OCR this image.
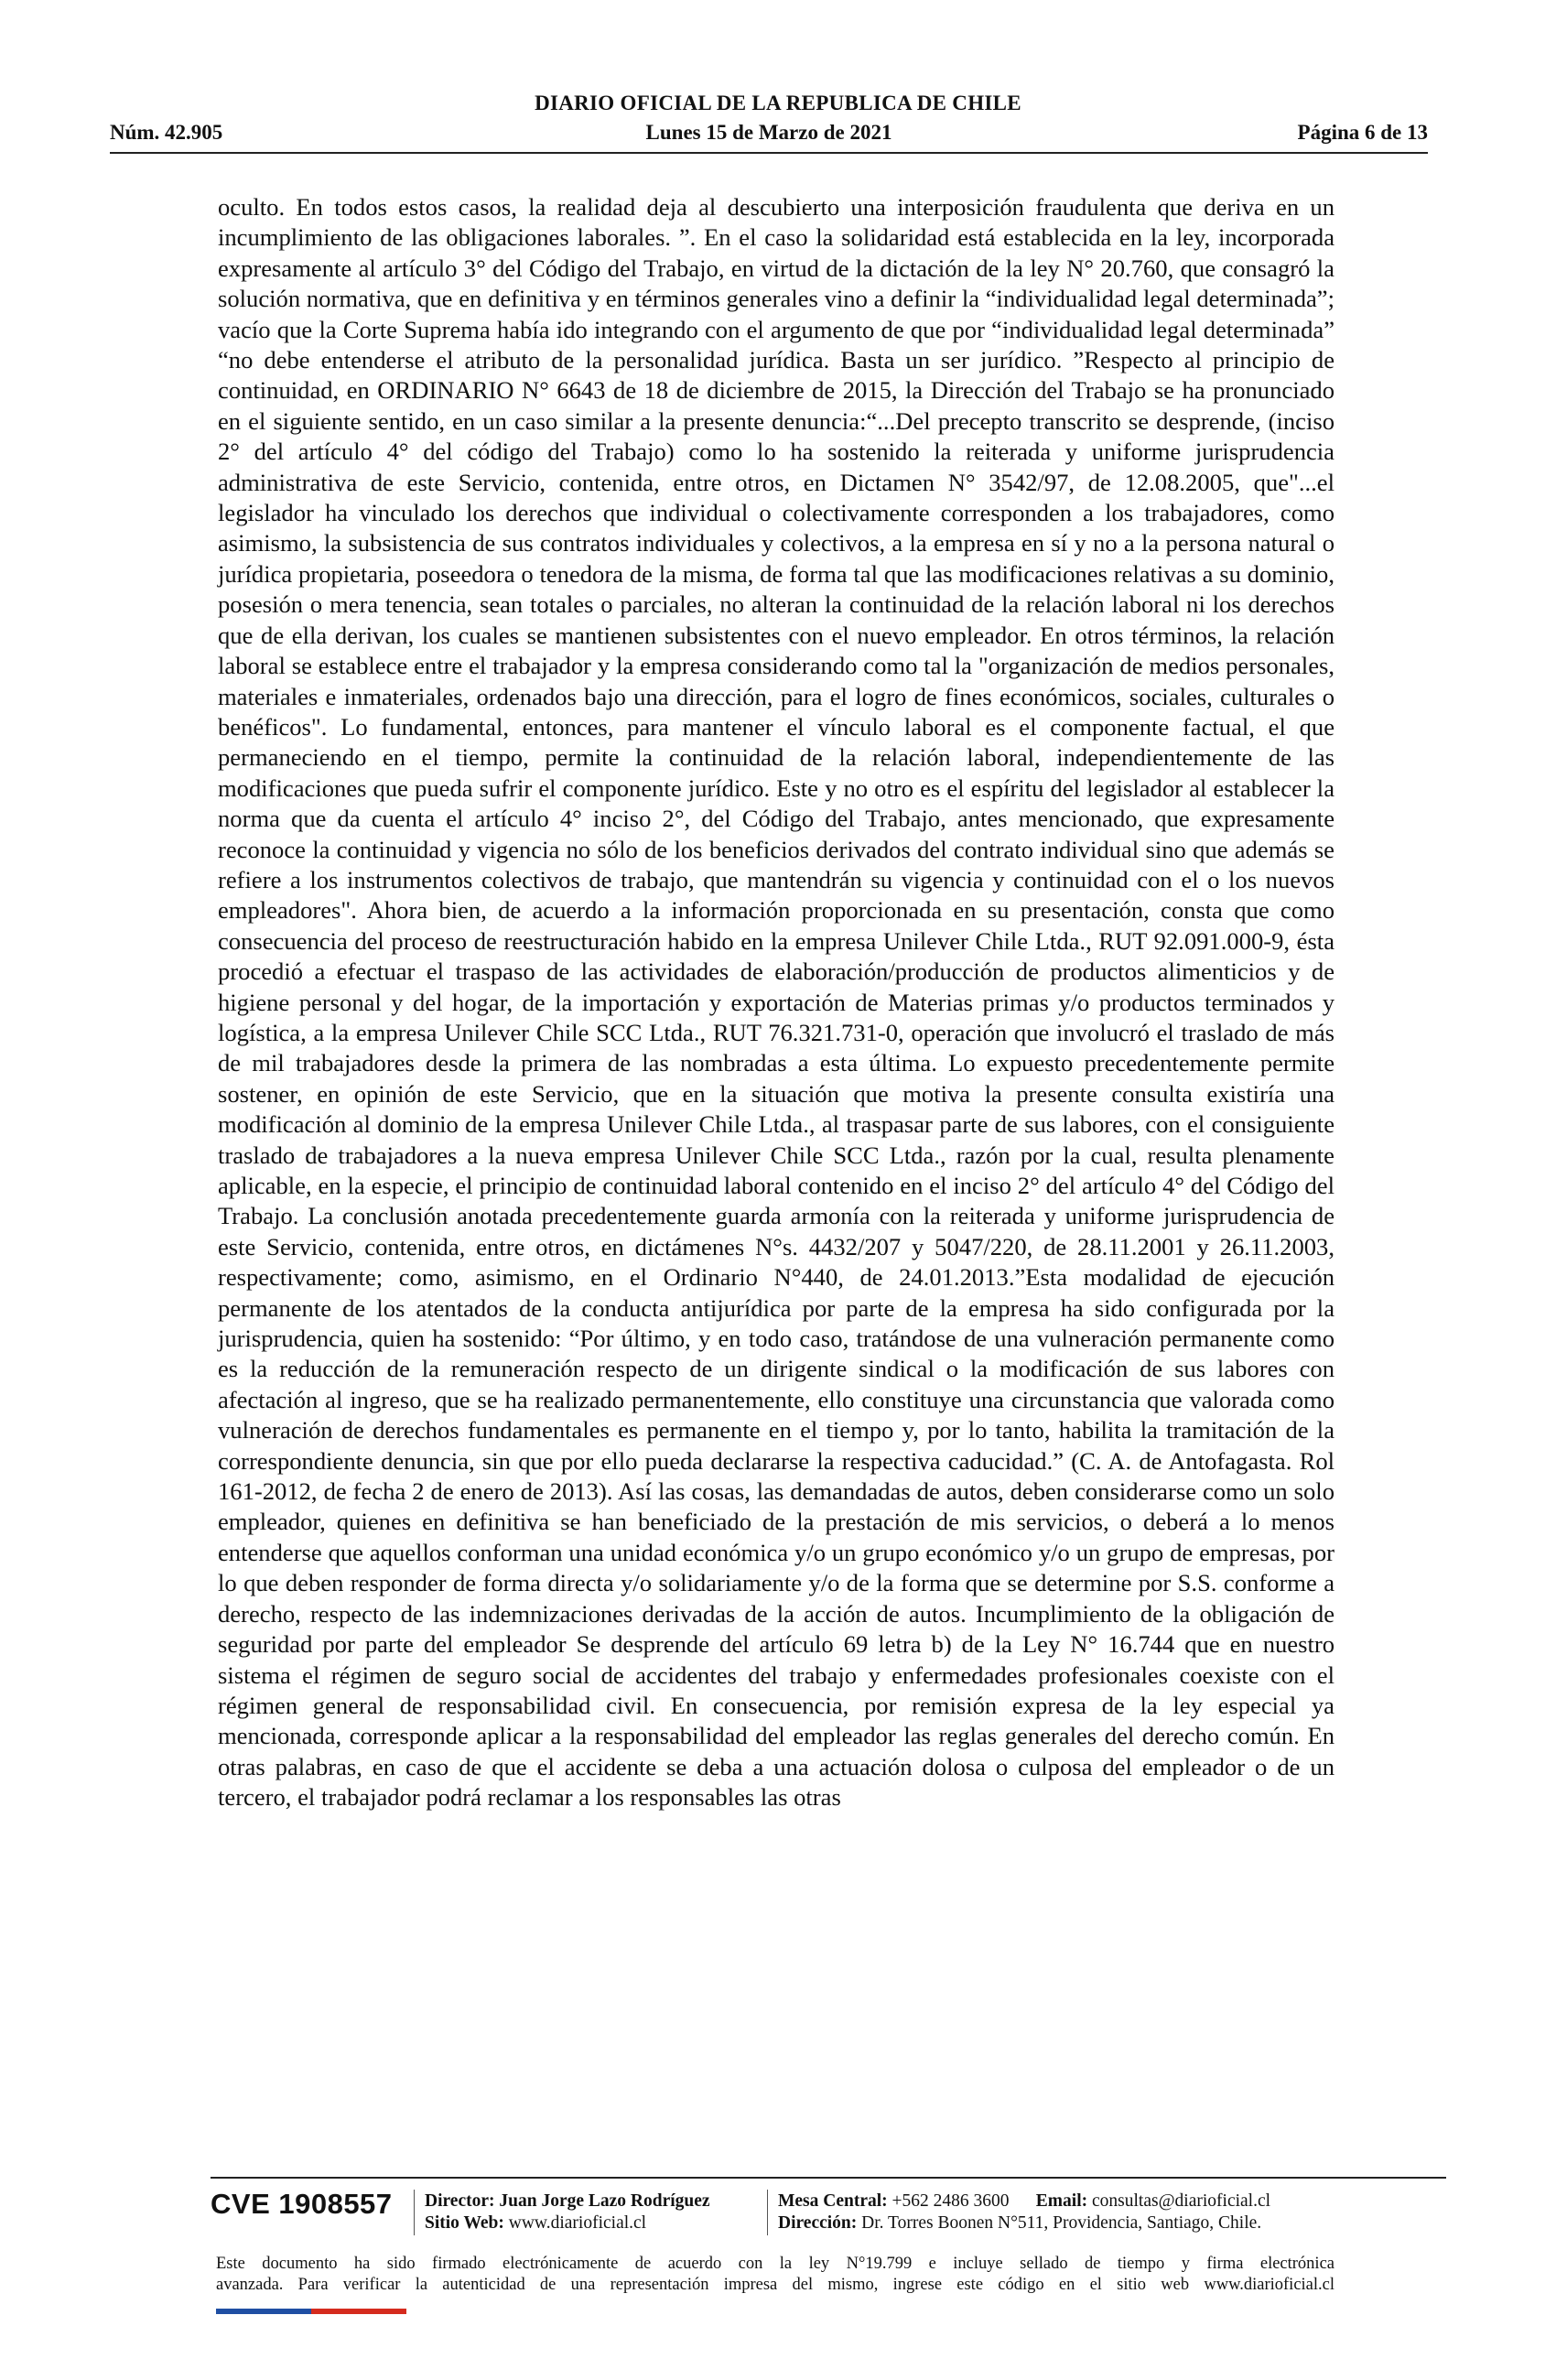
DIARIO OFICIAL DE LA REPUBLICA DE CHILE
Núm. 42.905	Lunes 15 de Marzo de 2021	Página 6 de 13

oculto. En todos estos casos, la realidad deja al descubierto una interposición fraudulenta que deriva en un incumplimiento de las obligaciones laborales. ”. En el caso la solidaridad está establecida en la ley, incorporada expresamente al artículo 3° del Código del Trabajo, en virtud de la dictación de la ley N° 20.760, que consagró la solución normativa, que en definitiva y en términos generales vino a definir la “individualidad legal determinada”; vacío que la Corte Suprema había ido integrando con el argumento de que por “individualidad legal determinada” “no debe entenderse el atributo de la personalidad jurídica. Basta un ser jurídico. ”Respecto al principio de continuidad, en ORDINARIO N° 6643 de 18 de diciembre de 2015, la Dirección del Trabajo se ha pronunciado en el siguiente sentido, en un caso similar a la presente denuncia:“...Del precepto transcrito se desprende, (inciso 2° del artículo 4° del código del Trabajo) como lo ha sostenido la reiterada y uniforme jurisprudencia administrativa de este Servicio, contenida, entre otros, en Dictamen N° 3542/97, de 12.08.2005, que"...el legislador ha vinculado los derechos que individual o colectivamente corresponden a los trabajadores, como asimismo, la subsistencia de sus contratos individuales y colectivos, a la empresa en sí y no a la persona natural o jurídica propietaria, poseedora o tenedora de la misma, de forma tal que las modificaciones relativas a su dominio, posesión o mera tenencia, sean totales o parciales, no alteran la continuidad de la relación laboral ni los derechos que de ella derivan, los cuales se mantienen subsistentes con el nuevo empleador. En otros términos, la relación laboral se establece entre el trabajador y la empresa considerando como tal la "organización de medios personales, materiales e inmateriales, ordenados bajo una dirección, para el logro de fines económicos, sociales, culturales o benéficos". Lo fundamental, entonces, para mantener el vínculo laboral es el componente factual, el que permaneciendo en el tiempo, permite la continuidad de la relación laboral, independientemente de las modificaciones que pueda sufrir el componente jurídico. Este y no otro es el espíritu del legislador al establecer la norma que da cuenta el artículo 4° inciso 2°, del Código del Trabajo, antes mencionado, que expresamente reconoce la continuidad y vigencia no sólo de los beneficios derivados del contrato individual sino que además se refiere a los instrumentos colectivos de trabajo, que mantendrán su vigencia y continuidad con el o los nuevos empleadores". Ahora bien, de acuerdo a la información proporcionada en su presentación, consta que como consecuencia del proceso de reestructuración habido en la empresa Unilever Chile Ltda., RUT 92.091.000-9, ésta procedió a efectuar el traspaso de las actividades de elaboración/producción de productos alimenticios y de higiene personal y del hogar, de la importación y exportación de Materias primas y/o productos terminados y logística, a la empresa Unilever Chile SCC Ltda., RUT 76.321.731-0, operación que involucró el traslado de más de mil trabajadores desde la primera de las nombradas a esta última. Lo expuesto precedentemente permite sostener, en opinión de este Servicio, que en la situación que motiva la presente consulta existiría una modificación al dominio de la empresa Unilever Chile Ltda., al traspasar parte de sus labores, con el consiguiente traslado de trabajadores a la nueva empresa Unilever Chile SCC Ltda., razón por la cual, resulta plenamente aplicable, en la especie, el principio de continuidad laboral contenido en el inciso 2° del artículo 4° del Código del Trabajo. La conclusión anotada precedentemente guarda armonía con la reiterada y uniforme jurisprudencia de este Servicio, contenida, entre otros, en dictámenes N°s. 4432/207 y 5047/220, de 28.11.2001 y 26.11.2003, respectivamente; como, asimismo, en el Ordinario N°440, de 24.01.2013.”Esta modalidad de ejecución permanente de los atentados de la conducta antijurídica por parte de la empresa ha sido configurada por la jurisprudencia, quien ha sostenido: “Por último, y en todo caso, tratándose de una vulneración permanente como es la reducción de la remuneración respecto de un dirigente sindical o la modificación de sus labores con afectación al ingreso, que se ha realizado permanentemente, ello constituye una circunstancia que valorada como vulneración de derechos fundamentales es permanente en el tiempo y, por lo tanto, habilita la tramitación de la correspondiente denuncia, sin que por ello pueda declararse la respectiva caducidad.” (C. A. de Antofagasta. Rol 161-2012, de fecha 2 de enero de 2013). Así las cosas, las demandadas de autos, deben considerarse como un solo empleador, quienes en definitiva se han beneficiado de la prestación de mis servicios, o deberá a lo menos entenderse que aquellos conforman una unidad económica y/o un grupo económico y/o un grupo de empresas, por lo que deben responder de forma directa y/o solidariamente y/o de la forma que se determine por S.S. conforme a derecho, respecto de las indemnizaciones derivadas de la acción de autos. Incumplimiento de la obligación de seguridad por parte del empleador Se desprende del artículo 69 letra b) de la Ley N° 16.744 que en nuestro sistema el régimen de seguro social de accidentes del trabajo y enfermedades profesionales coexiste con el régimen general de responsabilidad civil. En consecuencia, por remisión expresa de la ley especial ya mencionada, corresponde aplicar a la responsabilidad del empleador las reglas generales del derecho común. En otras palabras, en caso de que el accidente se deba a una actuación dolosa o culposa del empleador o de un tercero, el trabajador podrá reclamar a los responsables las otras

CVE 1908557 Director: Juan Jorge Lazo Rodríguez
Sitio Web: www.diarioficial.cl
Mesa Central: +562 2486 3600 Email: consultas@diarioficial.cl
Dirección: Dr. Torres Boonen N°511, Providencia, Santiago, Chile.
Este documento ha sido firmado electrónicamente de acuerdo con la ley N°19.799 e incluye sellado de tiempo y firma electrónica
avanzada. Para verificar la autenticidad de una representación impresa del mismo, ingrese este código en el sitio web www.diarioficial.cl
